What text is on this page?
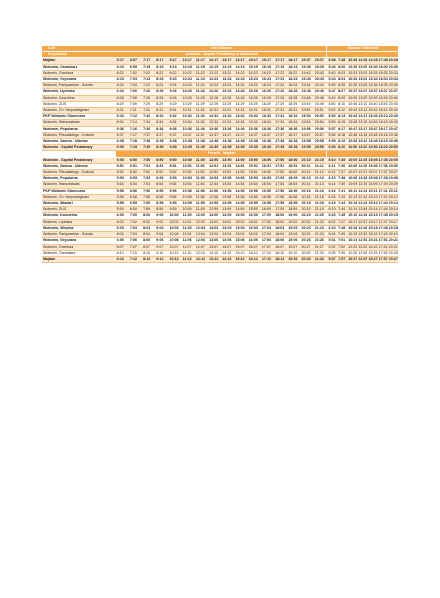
4.35	Dni robocze																Soboty i Niedziele						
Przystanek	Wołomin - Szpital Powiatowy w Wołominie																						
Majdan	6:17	6:57	7:17	8:17	9:17	10:17	11:17	12:17	13:17	14:17	15:17	16:17	17:17	18:17	19:37	20:37	5:38	7:48	10:28	12:08	14:28	17:48	20:28
Wołomin, Orzankarz	6:19	6:59	7:19	8:19	9:19	10:19	11:19	12:19	13:19	14:19	15:19	16:19	17:19	18:19	19:39	20:39	5:40	8:00	10:30	13:00	15:30	18:30	20:30
Wołomin, Granicza	6:22	7:02	7:22	8:22	9:22	10:22	11:22	12:22	13:22	14:22	15:22	16:22	17:22	18:22	19:42	20:42	5:43	8:03	10:33	13:03	15:33	18:33	20:33
Wołomin, Gryczana	6:23	7:03	7:23	8:23	9:23	10:23	11:23	12:23	13:23	14:23	15:23	16:23	17:23	18:23	19:43	20:43	5:44	8:04	10:34	13:04	15:34	18:34	20:34
Wołomin, Partyzantów - Szkoła	6:24	7:04	7:24	8:24	9:24	10:24	11:24	12:24	13:24	14:24	15:24	16:24	17:24	18:24	19:44	20:44	5:45	8:05	10:35	13:05	15:35	18:35	20:35
Wołomin, Lipińska	6:26	7:06	7:26	8:26	9:26	10:26	11:26	12:26	13:26	14:26	15:26	16:26	17:26	18:26	19:46	20:46	5:47	8:07	10:37	13:07	15:37	18:37	20:37
Wołomin, Kościelna	6:28	7:08	7:28	8:28	9:28	10:28	11:28	12:28	13:28	14:28	15:28	16:28	17:28	18:28	19:48	20:48	5:49	8:09	10:39	13:09	15:39	18:39	20:39
Wołomin, ZUS	6:29	7:09	7:29	8:29	9:29	10:29	11:29	12:29	13:29	14:29	15:29	16:29	17:29	18:29	19:49	20:49	5:50	8:10	10:40	13:10	15:40	18:40	20:40
Wołomin, Ch. Niepodległości	6:31	7:11	7:31	8:31	9:31	10:31	11:31	12:31	13:31	14:31	15:31	16:31	17:31	18:31	19:51	20:51	5:52	8:12	10:42	13:12	15:42	18:12	20:42
PKP Wołomin Słoneczna	6:32	7:12	7:32	8:32	9:32	10:32	11:32	12:32	13:32	14:32	15:32	16:32	17:32	18:32	19:52	20:52	5:53	8:13	10:43	13:13	15:43	18:13	20:43
Wołomin, Warsztatowa	6:34	7:14	7:34	8:34	9:34	10:34	11:34	12:34	13:34	14:34	15:34	16:34	17:34	18:34	19:54	20:54	5:55	8:15	10:45	13:15	15:45	18:15	20:45
Wołomin, Popularna	6:36	7:16	7:36	8:36	9:36	10:36	11:36	12:36	13:36	14:36	15:36	16:36	17:36	18:36	19:56	20:56	5:57	8:17	10:47	13:17	15:47	18:17	20:47
Wołomin, Piłsudskiego - Kościół	6:37	7:17	7:37	8:37	9:37	10:37	11:37	12:37	13:37	14:37	15:37	16:37	17:37	18:37	19:57	20:57	5:58	8:18	10:48	13:18	15:48	18:18	20:48
Wołomin, Sasina - Ułanów	6:38	7:18	7:38	8:38	9:38	10:38	11:38	12:38	13:38	14:38	15:38	16:38	17:38	18:38	19:58	20:58	5:59	8:19	10:49	13:19	15:49	18:19	20:49
Wołomin - Szpital Powiatowy	6:39	7:19	7:39	8:39	9:39	10:39	11:39	12:39	13:39	14:39	15:39	16:39	17:39	18:39	19:59	20:59	6:00	8:20	10:50	13:20	15:50	18:20	20:50
	Powrót - Majdan																						
Wołomin - Szpital Powiatowy	5:50	6:50	7:50	8:50	9:50	10:50	11:50	12:50	13:50	14:50	15:50	16:50	17:50	18:50	20:10	21:10	6:10	7:35	10:05	12:35	15:05	17:35	20:05
Wołomin, Sasina - Ułanów	5:51	6:51	7:51	8:51	9:51	10:51	11:51	12:51	13:51	14:51	15:51	16:51	17:51	18:51	20:11	21:11	6:11	7:36	10:06	12:36	15:06	17:36	20:06
Wołomin, Piłsudskiego - Kościół	5:52	6:52	7:52	8:52	9:52	10:52	11:52	12:52	13:52	14:52	15:52	16:52	17:52	18:52	20:12	21:12	6:12	7:37	10:07	12:37	15:07	17:37	20:07
Wołomin, Popularna	5:53	6:53	7:53	8:53	9:53	10:53	11:53	12:53	13:53	14:53	15:53	16:53	17:53	18:53	20:13	21:13	6:13	7:38	10:08	12:38	15:08	17:38	20:08
Wołomin, Warsztatowa	5:54	6:54	7:54	8:54	9:54	10:54	11:54	12:54	13:54	14:54	15:54	16:54	17:54	18:54	20:14	21:14	6:14	7:39	10:09	12:39	15:09	17:39	20:09
PKP Wołomin Słoneczna	5:56	6:56	7:56	8:56	9:56	10:56	11:56	12:56	13:56	14:56	15:56	16:56	17:56	18:56	20:16	21:16	6:16	7:41	10:11	12:41	15:11	17:41	20:11
Wołomin, Ch. Niepodległości	5:58	6:58	7:58	8:58	9:58	10:58	11:58	12:58	13:58	14:58	15:58	16:58	17:58	18:58	20:18	21:18	6:18	7:43	10:13	12:43	15:13	17:43	20:13
Wołomin, Miasta I	5:59	6:59	7:59	8:59	9:59	10:59	11:59	12:59	13:59	14:59	15:59	16:59	17:59	18:59	20:19	21:19	6:19	7:44	10:14	12:44	15:14	17:44	20:14
Wołomin, ZUS	5:59	6:59	7:59	8:59	9:59	10:59	11:59	12:59	13:59	14:59	15:59	16:59	17:59	18:59	20:19	21:19	6:19	7:44	10:14	12:44	15:14	17:44	20:14
Wołomin, Kościelna	6:00	7:00	8:00	9:00	10:00	11:00	12:00	13:00	14:00	15:00	16:00	17:00	18:00	19:00	20:20	21:20	6:20	7:45	10:15	12:45	15:15	17:45	20:15
Wołomin, Lipińska	6:02	7:02	8:02	9:02	10:02	11:02	12:02	13:02	14:02	15:02	16:02	17:02	18:02	19:02	20:22	21:22	6:22	7:47	10:17	12:47	15:17	17:47	20:17
Wołomin, Wiejska	6:03	7:03	8:03	9:03	10:03	11:03	12:03	13:03	14:03	15:03	16:03	17:03	18:03	19:03	20:23	21:23	6:23	7:48	10:18	12:48	15:18	17:48	20:18
Wołomin, Partyzantów - Szkoła	6:04	7:04	8:04	9:04	10:04	11:04	12:04	13:04	14:04	15:04	16:04	17:04	18:04	19:04	20:24	21:24	6:24	7:49	10:19	12:49	15:19	17:49	20:19
Wołomin, Gryczana	6:06	7:06	8:06	9:06	10:06	11:06	12:06	13:06	14:06	15:06	16:06	17:06	18:06	19:06	20:26	21:26	5:31	7:51	10:21	12:51	15:21	17:51	20:21
Wołomin, Granicza	6:07	7:07	8:07	9:07	10:07	11:07	12:07	13:07	14:07	15:07	16:07	17:07	18:07	19:07	20:27	21:27	5:32	7:52	10:22	12:52	15:22	17:52	20:22
Wołomin, Orzankarz	6:10	7:10	8:10	9:10	10:10	11:10	12:10	13:10	14:10	15:10	16:10	17:10	18:10	19:10	20:30	21:30	5:35	7:55	10:25	12:55	15:25	17:55	20:25
Majdan	6:12	7:12	8:12	9:12	10:12	11:12	12:12	13:12	14:12	15:12	16:12	17:12	18:12	19:32	20:32	21:32	5:37	7:57	10:27	12:57	15:27	17:57	20:27
